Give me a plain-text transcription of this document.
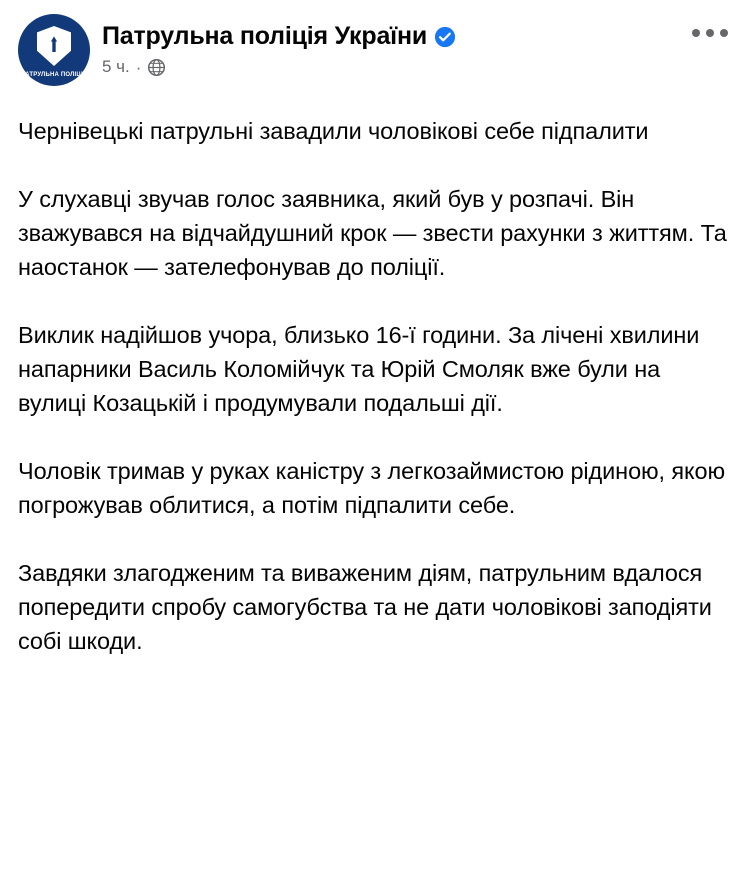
ПАТРУЛЬНА ПОЛІЦІЯ
Патрульна поліція України
5 ч. ·

Чернівецькі патрульні завадили чоловікові себе підпалити

У слухавці звучав голос заявника, який був у розпачі. Він зважувався на відчайдушний крок — звести рахунки з життям. Та наостанок — зателефонував до поліції.

Виклик надійшов учора, близько 16-ї години. За лічені хвилини напарники Василь Коломійчук та Юрій Смоляк вже були на вулиці Козацькій і продумували подальші дії.

Чоловік тримав у руках каністру з легкозаймистою рідиною, якою погрожував облитися, а потім підпалити себе.

Завдяки злагодженим та виваженим діям, патрульним вдалося попередити спробу самогубства та не дати чоловікові заподіяти собі шкоди.
